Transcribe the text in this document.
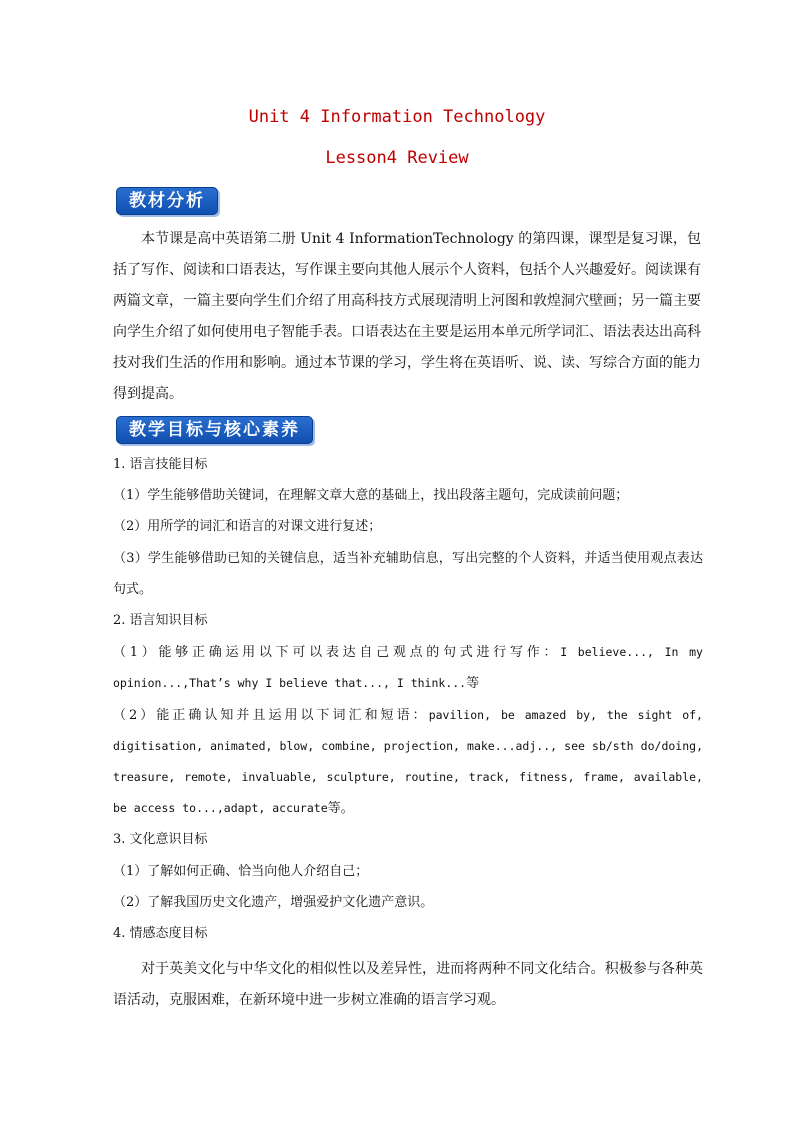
Unit 4 Information Technology
Lesson4 Review
教材分析
本节课是高中英语第二册 Unit 4 InformationTechnology 的第四课，课型是复习课，包括了写作、阅读和口语表达，写作课主要向其他人展示个人资料，包括个人兴趣爱好。阅读课有两篇文章，一篇主要向学生们介绍了用高科技方式展现清明上河图和敦煌洞穴壁画；另一篇主要向学生介绍了如何使用电子智能手表。口语表达在主要是运用本单元所学词汇、语法表达出高科技对我们生活的作用和影响。通过本节课的学习，学生将在英语听、说、读、写综合方面的能力得到提高。
教学目标与核心素养
1. 语言技能目标
（1）学生能够借助关键词，在理解文章大意的基础上，找出段落主题句，完成读前问题；
（2）用所学的词汇和语言的对课文进行复述；
（3）学生能够借助已知的关键信息，适当补充辅助信息，写出完整的个人资料，并适当使用观点表达句式。
2. 语言知识目标
（1）能够正确运用以下可以表达自己观点的句式进行写作：I believe..., In my opinion...,That’s why I believe that..., I think...等
（2）能正确认知并且运用以下词汇和短语：pavilion, be amazed by, the sight of, digitisation, animated, blow, combine, projection, make...adj.., see sb/sth do/doing, treasure, remote, invaluable, sculpture, routine, track, fitness, frame, available, be access to...,adapt, accurate等。
3. 文化意识目标
（1）了解如何正确、恰当向他人介绍自己；
（2）了解我国历史文化遗产，增强爱护文化遗产意识。
4. 情感态度目标
对于英美文化与中华文化的相似性以及差异性，进而将两种不同文化结合。积极参与各种英语活动，克服困难，在新环境中进一步树立准确的语言学习观。
